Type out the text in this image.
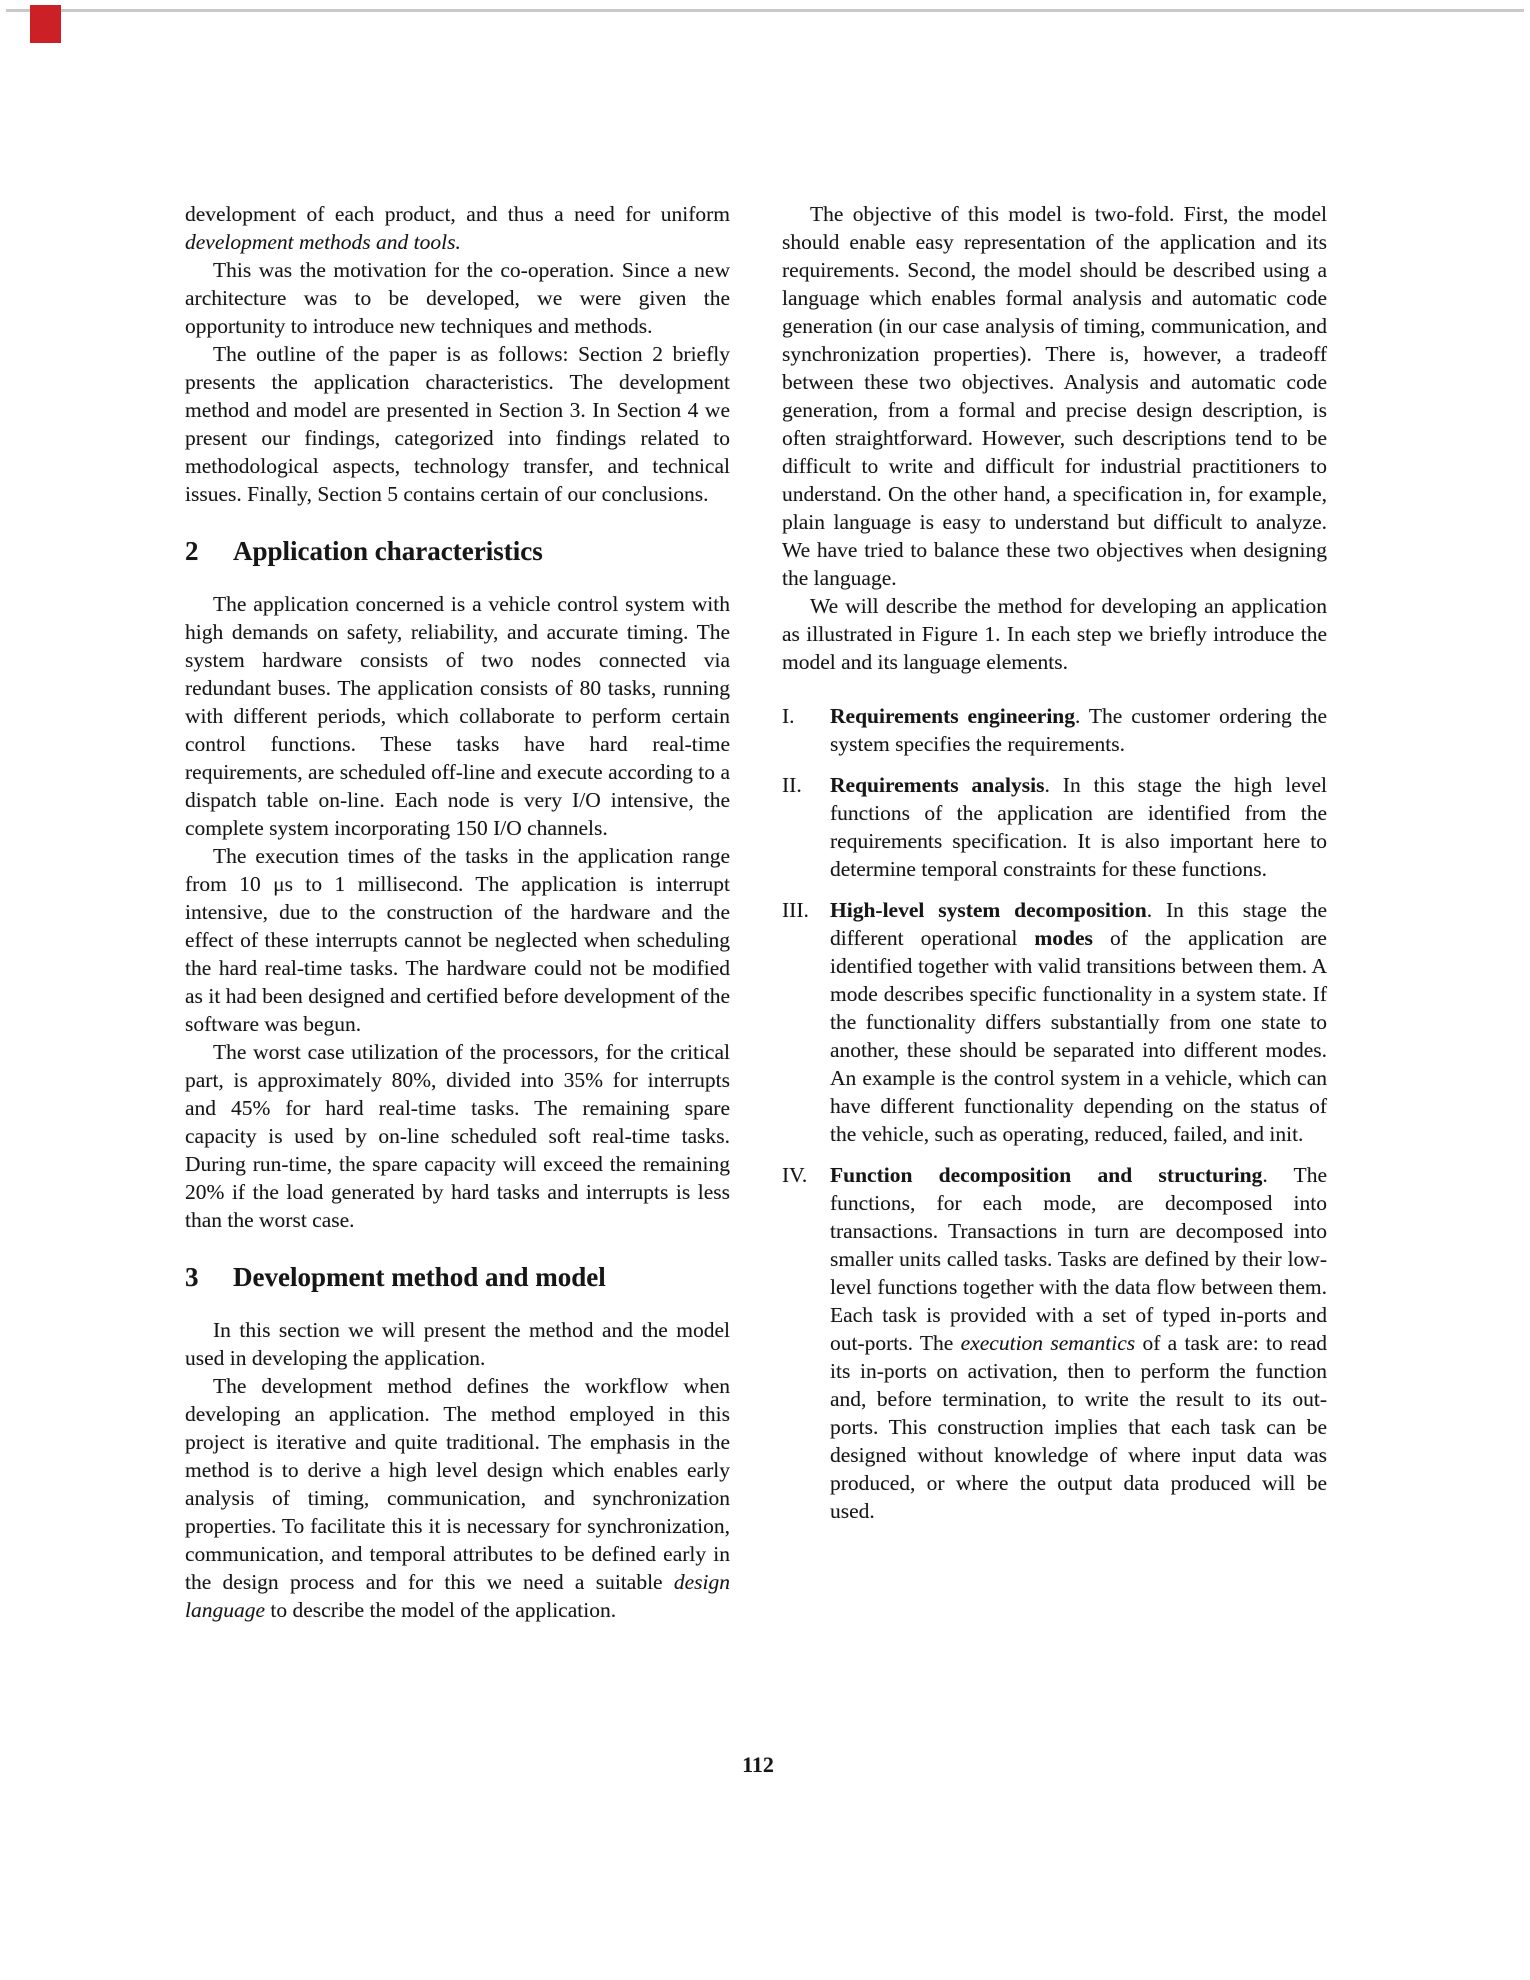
development of each product, and thus a need for uniform development methods and tools.

This was the motivation for the co-operation. Since a new architecture was to be developed, we were given the opportunity to introduce new techniques and methods.

The outline of the paper is as follows: Section 2 briefly presents the application characteristics. The development method and model are presented in Section 3. In Section 4 we present our findings, categorized into findings related to methodological aspects, technology transfer, and technical issues. Finally, Section 5 contains certain of our conclusions.

2	Application characteristics

The application concerned is a vehicle control system with high demands on safety, reliability, and accurate timing. The system hardware consists of two nodes connected via redundant buses. The application consists of 80 tasks, running with different periods, which collaborate to perform certain control functions. These tasks have hard real-time requirements, are scheduled off-line and execute according to a dispatch table on-line. Each node is very I/O intensive, the complete system incorporating 150 I/O channels.

The execution times of the tasks in the application range from 10 μs to 1 millisecond. The application is interrupt intensive, due to the construction of the hardware and the effect of these interrupts cannot be neglected when scheduling the hard real-time tasks. The hardware could not be modified as it had been designed and certified before development of the software was begun.

The worst case utilization of the processors, for the critical part, is approximately 80%, divided into 35% for interrupts and 45% for hard real-time tasks. The remaining spare capacity is used by on-line scheduled soft real-time tasks. During run-time, the spare capacity will exceed the remaining 20% if the load generated by hard tasks and interrupts is less than the worst case.

3	Development method and model

In this section we will present the method and the model used in developing the application.

The development method defines the workflow when developing an application. The method employed in this project is iterative and quite traditional. The emphasis in the method is to derive a high level design which enables early analysis of timing, communication, and synchronization properties. To facilitate this it is necessary for synchronization, communication, and temporal attributes to be defined early in the design process and for this we need a suitable design language to describe the model of the application.

The objective of this model is two-fold. First, the model should enable easy representation of the application and its requirements. Second, the model should be described using a language which enables formal analysis and automatic code generation (in our case analysis of timing, communication, and synchronization properties). There is, however, a tradeoff between these two objectives. Analysis and automatic code generation, from a formal and precise design description, is often straightforward. However, such descriptions tend to be difficult to write and difficult for industrial practitioners to understand. On the other hand, a specification in, for example, plain language is easy to understand but difficult to analyze. We have tried to balance these two objectives when designing the language.

We will describe the method for developing an application as illustrated in Figure 1. In each step we briefly introduce the model and its language elements.

I.	Requirements engineering. The customer ordering the system specifies the requirements.
II.	Requirements analysis. In this stage the high level functions of the application are identified from the requirements specification. It is also important here to determine temporal constraints for these functions.
III. High-level system decomposition. In this stage the different operational modes of the application are identified together with valid transitions between them. A mode describes specific functionality in a system state. If the functionality differs substantially from one state to another, these should be separated into different modes. An example is the control system in a vehicle, which can have different functionality depending on the status of the vehicle, such as operating, reduced, failed, and init.
IV.	Function decomposition and structuring. The functions, for each mode, are decomposed into transactions. Transactions in turn are decomposed into smaller units called tasks. Tasks are defined by their low-level functions together with the data flow between them. Each task is provided with a set of typed in-ports and out-ports. The execution semantics of a task are: to read its in-ports on activation, then to perform the function and, before termination, to write the result to its out-ports. This construction implies that each task can be designed without knowledge of where input data was produced, or where the output data produced will be used.
112
